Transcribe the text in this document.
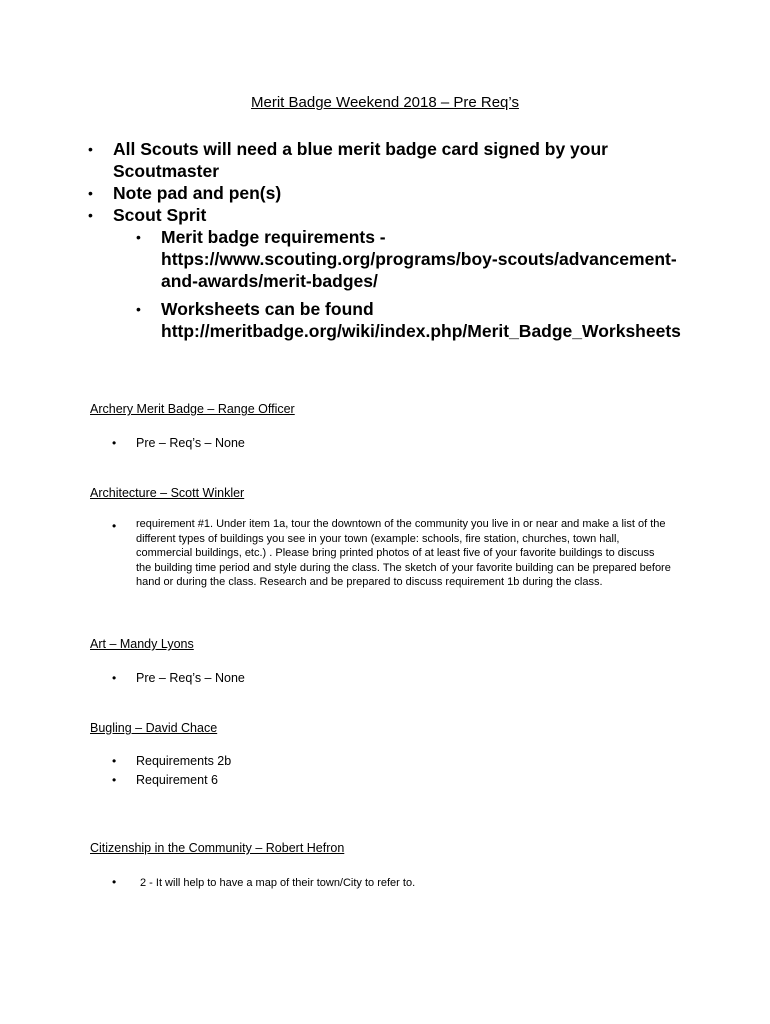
Merit Badge Weekend 2018 – Pre Req’s
• All Scouts will need a blue merit badge card signed by your Scoutmaster
• Note pad and pen(s)
• Scout Sprit
• Merit badge requirements - https://www.scouting.org/programs/boy-scouts/advancement-and-awards/merit-badges/
• Worksheets can be found http://meritbadge.org/wiki/index.php/Merit_Badge_Worksheets
Archery Merit Badge – Range Officer
• Pre – Req’s – None
Architecture – Scott Winkler
• requirement #1. Under item 1a, tour the downtown of the community you live in or near and make a list of the different types of buildings you see in your town (example: schools, fire station, churches, town hall, commercial buildings, etc.) . Please bring printed photos of at least five of your favorite buildings to discuss the building time period and style during the class. The sketch of your favorite building can be prepared before hand or during the class. Research and be prepared to discuss requirement 1b during the class.
Art – Mandy Lyons
• Pre – Req’s – None
Bugling – David Chace
• Requirements 2b
• Requirement 6
Citizenship in the Community – Robert Hefron
• 2 - It will help to have a map of their town/City to refer to.
